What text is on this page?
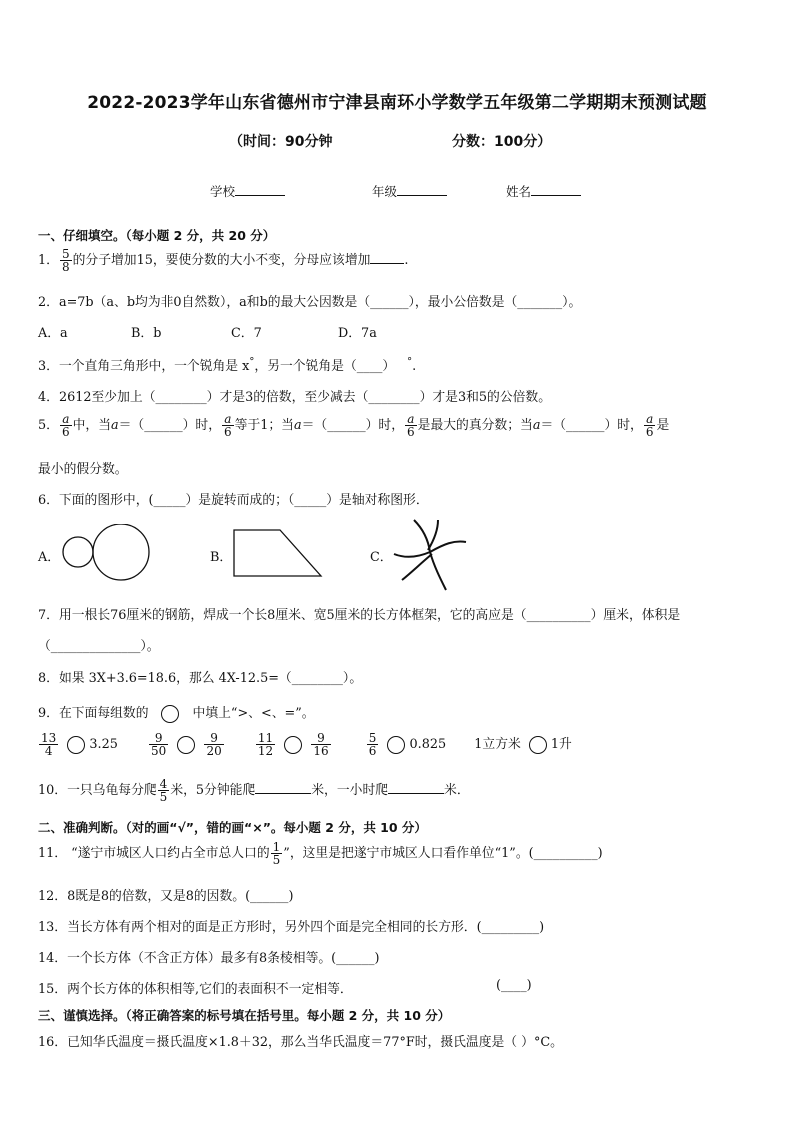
2022-2023学年山东省德州市宁津县南环小学数学五年级第二学期期末预测试题
（时间：90分钟	分数：100分）
学校	年级	姓名
一、仔细填空。（每小题 2 分，共 20 分）
1． $\frac{5}{8}$ 的分子增加15，要使分数的大小不变，分母应该增加	.
2．a=7b（a、b均为非0自然数），a和b的最大公因数是（______），最小公倍数是（_______）。
A．a	B．b	C．7	D．7a
3．一个直角三角形中，一个锐角是 x°，另一个锐角是（____） °.
4．2612至少加上（________）才是3的倍数，至少减去（________）才是3和5的公倍数。
5． $\frac{a}{6}$ 中，当a＝（______）时， $\frac{a}{6}$ 等于1；当a＝（______）时， $\frac{a}{6}$ 是最大的真分数；当a＝（______）时， $\frac{a}{6}$ 是
最小的假分数。
6．下面的图形中，(_____）是旋转而成的；（_____）是轴对称图形．
A．	B．	C．
7．用一根长76厘米的钢筋，焊成一个长8厘米、宽5厘米的长方体框架，它的高应是（__________）厘米，体积是
（______________）。
8．如果 3X+3.6=18.6，那么 4X-12.5=（________）。
9．在下面每组数的	中填上“>、<、=”。
$\frac{13}{4} 3.25$	$\frac{9}{50}$
	$\frac{9}{20}$
	$\frac{11}{12}$
	$\frac{9}{16}$
	$\frac{5}{6} 0.825$ 1立方米 1升
10．一只乌龟每分爬 $\frac{4}{5}$ 米，5分钟能爬	米，一小时爬	米．
二、准确判断。（对的画“√”，错的画“×”。每小题 2 分，共 10 分）
11． “遂宁市城区人口约占全市总人口的 $\frac{1}{5}$ ”，这里是把遂宁市城区人口看作单位“1”。(__________)
12．8既是8的倍数，又是8的因数。(______)
13．当长方体有两个相对的面是正方形时，另外四个面是完全相同的长方形．(_________)
14．一个长方体（不含正方体）最多有8条棱相等。(______)
15．两个长方体的体积相等,它们的表面积不一定相等．	(____)
三、谨慎选择。（将正确答案的标号填在括号里。每小题 2 分，共 10 分）
16．已知华氏温度＝摄氏温度×1.8＋32，那么当华氏温度＝77°F时，摄氏温度是（ ）°C。
